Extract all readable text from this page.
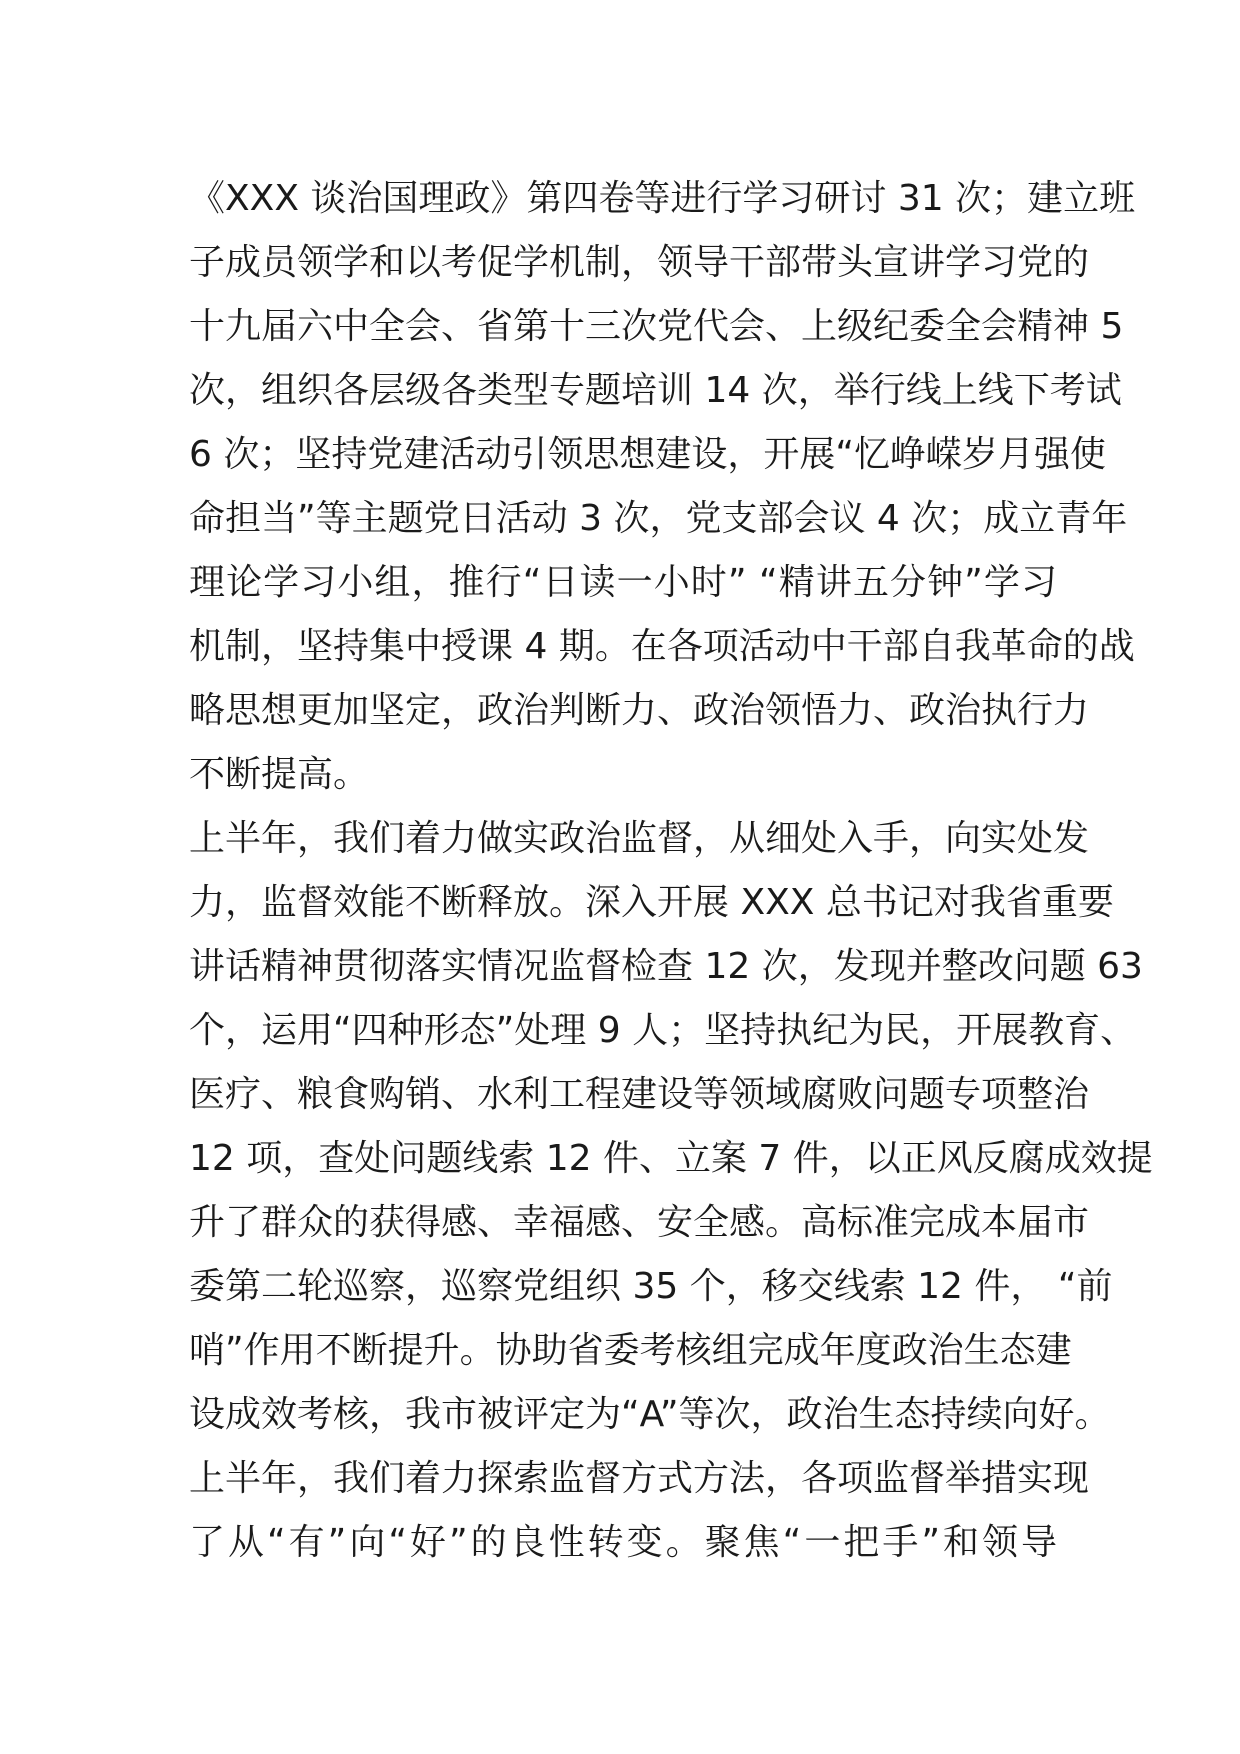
《XXX 谈治国理政》第四卷等进行学习研讨 31 次；建立班
子成员领学和以考促学机制，领导干部带头宣讲学习党的
十九届六中全会、省第十三次党代会、上级纪委全会精神 5
次，组织各层级各类型专题培训 14 次，举行线上线下考试
6 次；坚持党建活动引领思想建设，开展“忆峥嵘岁月强使
命担当”等主题党日活动 3 次，党支部会议 4 次；成立青年
理论学习小组，推行“日读一小时” “精讲五分钟”学习
机制，坚持集中授课 4 期。在各项活动中干部自我革命的战
略思想更加坚定，政治判断力、政治领悟力、政治执行力
不断提高。
上半年，我们着力做实政治监督，从细处入手，向实处发
力，监督效能不断释放。深入开展 XXX 总书记对我省重要
讲话精神贯彻落实情况监督检查 12 次，发现并整改问题 63
个，运用“四种形态”处理 9 人；坚持执纪为民，开展教育、
医疗、粮食购销、水利工程建设等领域腐败问题专项整治
12 项，查处问题线索 12 件、立案 7 件，以正风反腐成效提
升了群众的获得感、幸福感、安全感。高标准完成本届市
委第二轮巡察，巡察党组织 35 个，移交线索 12 件， “前
哨”作用不断提升。协助省委考核组完成年度政治生态建
设成效考核，我市被评定为“A”等次，政治生态持续向好。
上半年，我们着力探索监督方式方法，各项监督举措实现
了从“有”向“好”的良性转变。聚焦“一把手”和领导
